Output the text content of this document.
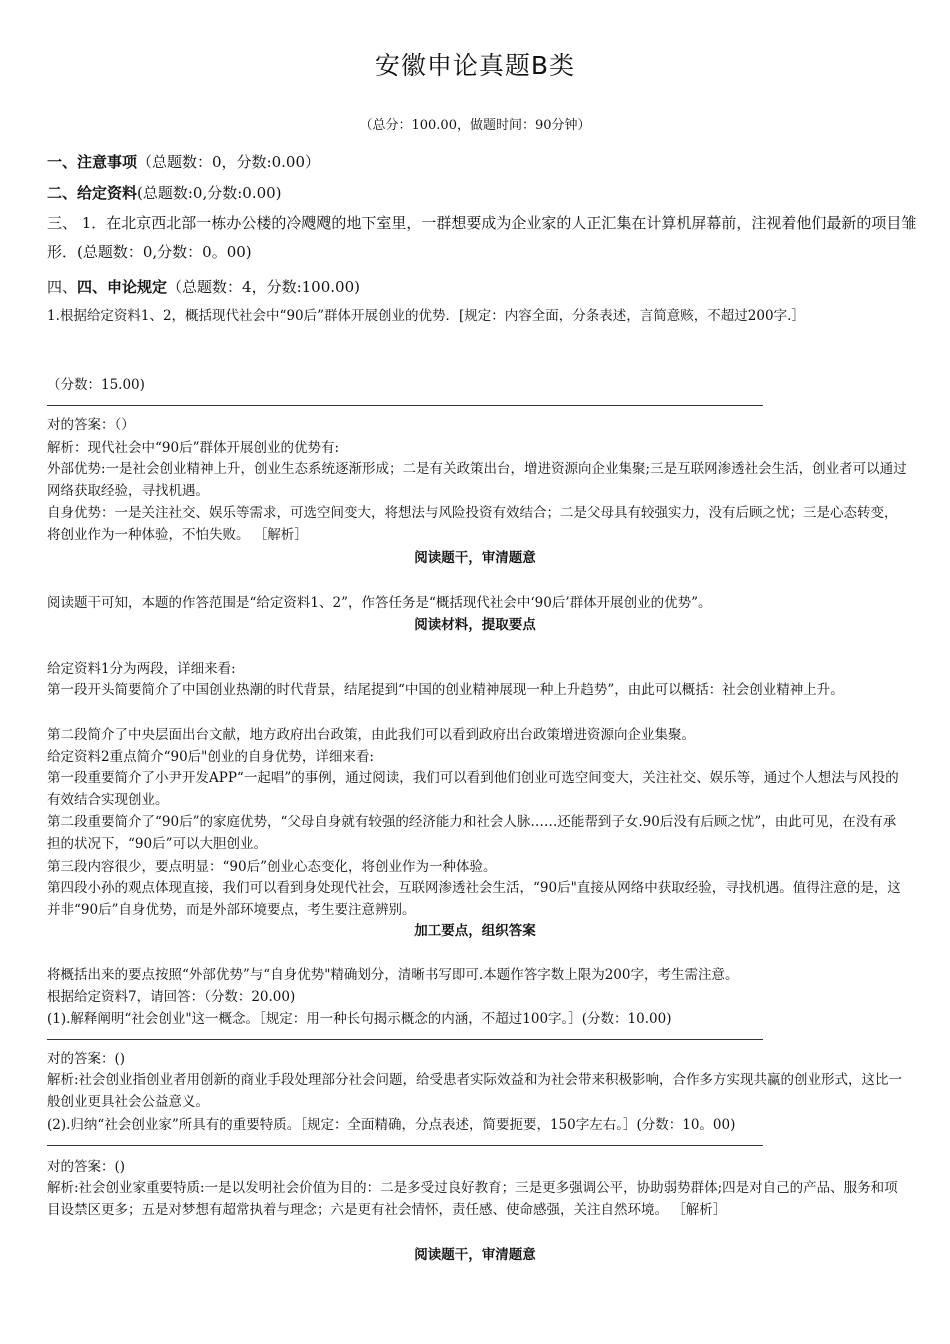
安徽申论真题B类
（总分：100.00，做题时间：90分钟）
一、注意事项（总题数：0，分数:0.00）
二、给定资料(总题数:0,分数:0.00)
三、 1．在北京西北部一栋办公楼的冷飕飕的地下室里，一群想要成为企业家的人正汇集在计算机屏幕前，注视着他们最新的项目雏形．(总题数：0,分数：0。00)
四、四、申论规定（总题数：4，分数:100.00)
1.根据给定资料1、2，概括现代社会中“90后”群体开展创业的优势．[规定：内容全面，分条表述，言简意赅，不超过200字.］
（分数：15.00)
对的答案：（）
解析：现代社会中“90后”群体开展创业的优势有:
外部优势:一是社会创业精神上升，创业生态系统逐渐形成；二是有关政策出台，增进资源向企业集聚;三是互联网渗透社会生活，创业者可以通过网络获取经验，寻找机遇。
自身优势：一是关注社交、娱乐等需求，可选空间变大，将想法与风险投资有效结合；二是父母具有较强实力，没有后顾之忧；三是心态转变，将创业作为一种体验，不怕失败。 ［解析］
阅读题干，审清题意
阅读题干可知，本题的作答范围是“给定资料1、2”，作答任务是“概括现代社会中‘90后’群体开展创业的优势”。
阅读材料，提取要点
给定资料1分为两段，详细来看:
第一段开头简要简介了中国创业热潮的时代背景，结尾提到“中国的创业精神展现一种上升趋势”，由此可以概括：社会创业精神上升。
第二段简介了中央层面出台文献，地方政府出台政策，由此我们可以看到政府出台政策增进资源向企业集聚。
给定资料2重点简介“90后"创业的自身优势，详细来看:
第一段重要简介了小尹开发APP“一起唱”的事例，通过阅读，我们可以看到他们创业可选空间变大，关注社交、娱乐等，通过个人想法与风投的有效结合实现创业。
第二段重要简介了“90后”的家庭优势，“父母自身就有较强的经济能力和社会人脉……还能帮到子女.90后没有后顾之忧”，由此可见，在没有承担的状况下，“90后”可以大胆创业。
第三段内容很少，要点明显：“90后”创业心态变化，将创业作为一种体验。
第四段小孙的观点体现直接，我们可以看到身处现代社会，互联网渗透社会生活，“90后"直接从网络中获取经验，寻找机遇。值得注意的是，这并非“90后”自身优势，而是外部环境要点，考生要注意辨别。
加工要点，组织答案
将概括出来的要点按照“外部优势”与“自身优势"精确划分，清晰书写即可.本题作答字数上限为200字，考生需注意。
根据给定资料7，请回答：（分数：20.00)
(1).解释阐明“社会创业"这一概念。［规定：用一种长句揭示概念的内涵，不超过100字。］(分数：10.00)
对的答案：()
解析:社会创业指创业者用创新的商业手段处理部分社会问题，给受患者实际效益和为社会带来积极影响，合作多方实现共赢的创业形式，这比一般创业更具社会公益意义。
(2).归纳“社会创业家”所具有的重要特质。［规定：全面精确，分点表述，简要扼要，150字左右。］(分数：10。00)
对的答案：()
解析:社会创业家重要特质:一是以发明社会价值为目的：二是多受过良好教育；三是更多强调公平，协助弱势群体;四是对自己的产品、服务和项目设禁区更多；五是对梦想有超常执着与理念；六是更有社会情怀，责任感、使命感强，关注自然环境。 ［解析］
阅读题干，审清题意
